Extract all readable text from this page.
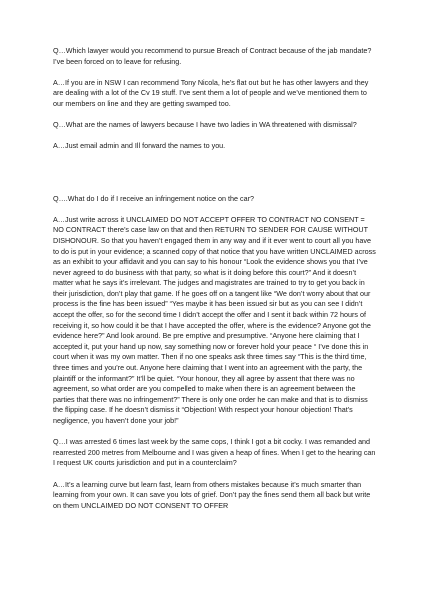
Q…Which lawyer would you recommend to pursue Breach of Contract because of the jab mandate? I’ve been forced on to leave for refusing.

A…If you are in NSW I can recommend Tony Nicola, he’s flat out but he has other lawyers and they are dealing with a lot of the Cv 19 stuff. I’ve sent them a lot of people and we’ve mentioned them to our members on line and they are getting swamped too.

Q…What are the names of lawyers because I have two ladies in WA threatened with dismissal?

A…Just email admin and Ill forward the names to you.

Q….What do I do if I receive an infringement notice on the car?

A…Just write across it UNCLAIMED DO NOT ACCEPT OFFER TO CONTRACT NO CONSENT = NO CONTRACT there’s case law on that and then RETURN TO SENDER FOR CAUSE WITHOUT DISHONOUR. So that you haven’t engaged them in any way and if it ever went to court all you have to do is put in your evidence; a scanned copy of that notice that you have written UNCLAIMED across as an exhibit to your affidavit and you can say to his honour “Look the evidence shows you that I’ve never agreed to do business with that party, so what is it doing before this court?” And it doesn’t matter what he says it’s irrelevant. The judges and magistrates are trained to try to get you back in their jurisdiction, don’t play that game. If he goes off on a tangent like “We don’t worry about that our process is the fine has been issued” “Yes maybe it has been issued sir but as you can see I didn’t accept the offer, so for the second time I didn’t accept the offer and I sent it back within 72 hours of receiving it, so how could it be that I have accepted the offer, where is the evidence? Anyone got the evidence here?” And look around. Be pre emptive and presumptive. “Anyone here claiming that I accepted it, put your hand up now, say something now or forever hold your peace “ I’ve done this in court when it was my own matter. Then if no one speaks ask three times say “This is the third time, three times and you’re out. Anyone here claiming that I went into an agreement with the party, the plaintiff or the informant?” It’ll be quiet. “Your honour, they all agree by assent that there was no agreement, so what order are you compelled to make when there is an agreement between the parties that there was no infringement?” There is only one order he can make and that is to dismiss the flipping case. If he doesn’t dismiss it “Objection! With respect your honour objection! That’s negligence, you haven’t done your job!”

Q…I was arrested 6 times last week by the same cops, I think I got a bit cocky. I was remanded and rearrested 200 metres from Melbourne and I was given a heap of fines. When I get to the hearing can I request UK courts jurisdiction and put in a counterclaim?

A…It’s a learning curve but learn fast, learn from others mistakes because it’s much smarter than learning from your own. It can save you lots of grief. Don’t pay the fines send them all back but write on them UNCLAIMED DO NOT CONSENT TO OFFER
